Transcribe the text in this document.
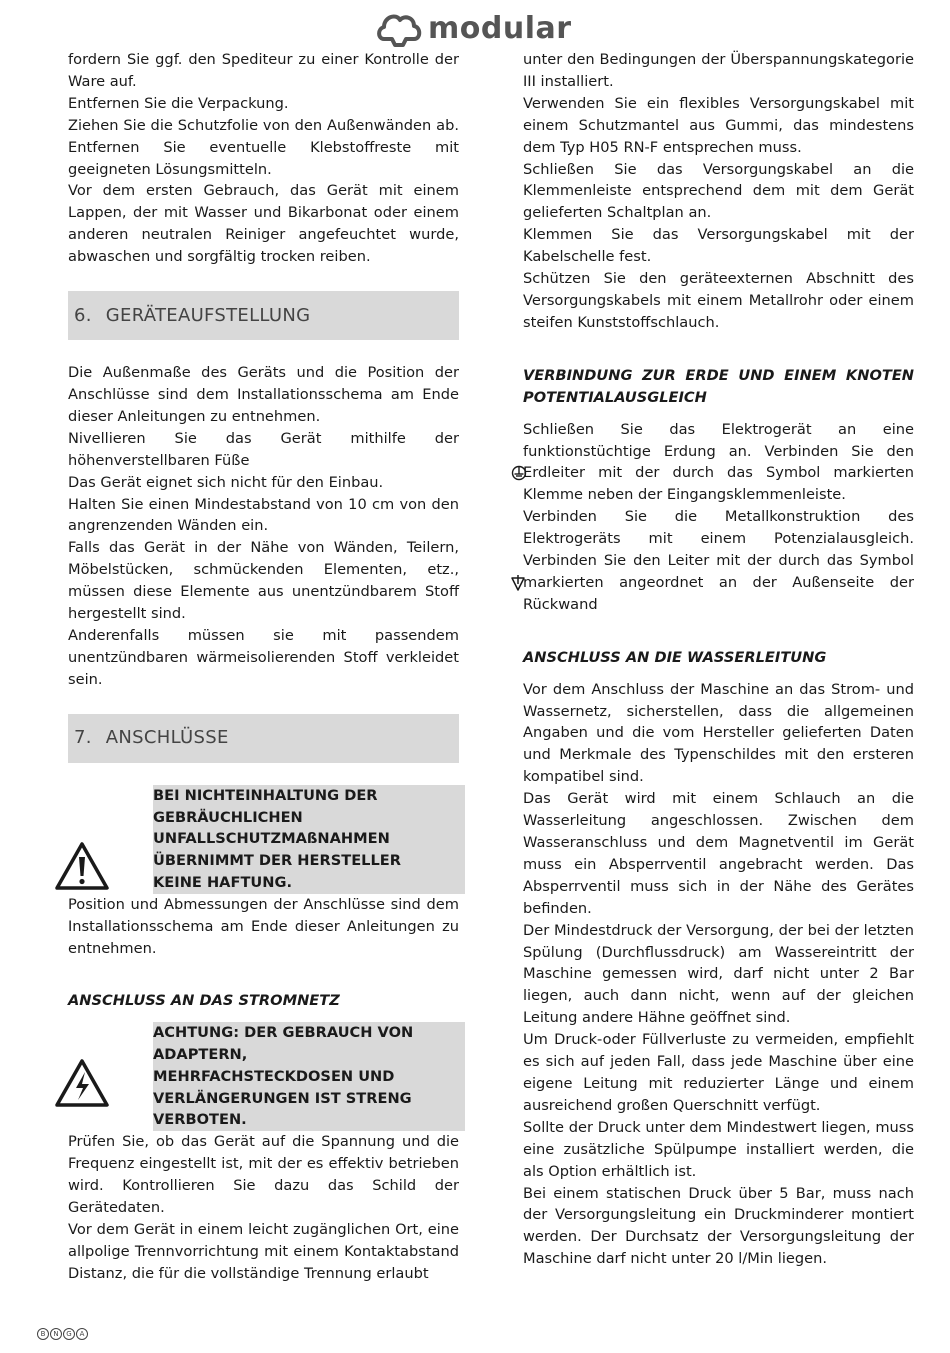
modular

fordern Sie ggf. den Spediteur zu einer Kontrolle der Ware auf.

Entfernen Sie die Verpackung.

Ziehen Sie die Schutzfolie von den Außenwänden ab. Entfernen Sie eventuelle Klebstoffreste mit geeigneten Lösungsmitteln.

Vor dem ersten Gebrauch, das Gerät mit einem Lappen, der mit Wasser und Bikarbonat oder einem anderen neutralen Reiniger angefeuchtet wurde, abwaschen und sorgfältig trocken reiben.

6. GERÄTEAUFSTELLUNG

Die Außenmaße des Geräts und die Position der Anschlüsse sind dem Installationsschema am Ende dieser Anleitungen zu entnehmen.

Nivellieren Sie das Gerät mithilfe der höhenverstellbaren Füße

Das Gerät eignet sich nicht für den Einbau.

Halten Sie einen Mindestabstand von 10 cm von den angrenzenden Wänden ein.

Falls das Gerät in der Nähe von Wänden, Teilern, Möbelstücken, schmückenden Elementen, etz., müssen diese Elemente aus unentzündbarem Stoff hergestellt sind.

Anderenfalls müssen sie mit passendem unentzündbaren wärmeisolierenden Stoff verkleidet sein.

7. ANSCHLÜSSE
BEI NICHTEINHALTUNG DER GEBRÄUCHLICHEN UNFALLSCHUTZMAßNAHMEN ÜBERNIMMT DER HERSTELLER KEINE HAFTUNG.

Position und Abmessungen der Anschlüsse sind dem Installationsschema am Ende dieser Anleitungen zu entnehmen.

ANSCHLUSS AN DAS STROMNETZ

ACHTUNG: DER GEBRAUCH VON ADAPTERN, MEHRFACHSTECKDOSEN UND VERLÄNGERUNGEN IST STRENG VERBOTEN.

Prüfen Sie, ob das Gerät auf die Spannung und die Frequenz eingestellt ist, mit der es effektiv betrieben wird. Kontrollieren Sie dazu das Schild der Gerätedaten.

Vor dem Gerät in einem leicht zugänglichen Ort, eine allpolige Trennvorrichtung mit einem Kontaktabstand Distanz, die für die vollständige Trennung erlaubt

unter den Bedingungen der Überspannungskategorie III installiert.

Verwenden Sie ein flexibles Versorgungskabel mit einem Schutzmantel aus Gummi, das mindestens dem Typ H05 RN-F entsprechen muss.

Schließen Sie das Versorgungskabel an die Klemmenleiste entsprechend dem mit dem Gerät gelieferten Schaltplan an.

Klemmen Sie das Versorgungskabel mit der Kabelschelle fest.

Schützen Sie den geräteexternen Abschnitt des Versorgungskabels mit einem Metallrohr oder einem steifen Kunststoffschlauch.

VERBINDUNG ZUR ERDE UND EINEM KNOTEN POTENTIALAUSGLEICH

Schließen Sie das Elektrogerät an eine funktionstüchtige Erdung an. Verbinden Sie den Erdleiter mit der durch das Symbol markierten Klemme neben der Eingangsklemmenleiste.

Verbinden Sie die Metallkonstruktion des Elektrogeräts mit einem Potenzialausgleich. Verbinden Sie den Leiter mit der durch das Symbol markierten angeordnet an der Außenseite der Rückwand

ANSCHLUSS AN DIE WASSERLEITUNG

Vor dem Anschluss der Maschine an das Strom- und Wassernetz, sicherstellen, dass die allgemeinen Angaben und die vom Hersteller gelieferten Daten und Merkmale des Typenschildes mit den ersteren kompatibel sind.

Das Gerät wird mit einem Schlauch an die Wasserleitung angeschlossen. Zwischen dem Wasseranschluss und dem Magnetventil im Gerät muss ein Absperrventil angebracht werden. Das Absperrventil muss sich in der Nähe des Gerätes befinden.

Der Mindestdruck der Versorgung, der bei der letzten Spülung (Durchflussdruck) am Wassereintritt der Maschine gemessen wird, darf nicht unter 2 Bar liegen, auch dann nicht, wenn auf der gleichen Leitung andere Hähne geöffnet sind.

Um Druck-oder Füllverluste zu vermeiden, empfiehlt es sich auf jeden Fall, dass jede Maschine über eine eigene Leitung mit reduzierter Länge und einem ausreichend großen Querschnitt verfügt.

Sollte der Druck unter dem Mindestwert liegen, muss eine zusätzliche Spülpumpe installiert werden, die als Option erhältlich ist.

Bei einem statischen Druck über 5 Bar, muss nach der Versorgungsleitung ein Druckminderer montiert werden. Der Durchsatz der Versorgungsleitung der Maschine darf nicht unter 20 l/Min liegen.

B	N	G	A
